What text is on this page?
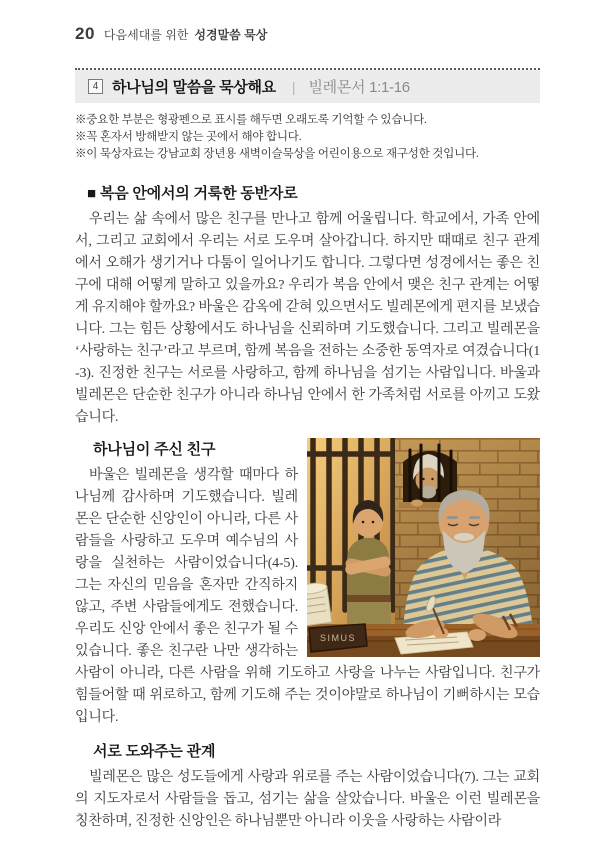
20 다음세대를 위한 성경말씀 묵상
4 하나님의 말씀을 묵상해요 | 빌레몬서 1:1-16
※중요한 부분은 형광펜으로 표시를 해두면 오래도록 기억할 수 있습니다.
※꼭 혼자서 방해받지 않는 곳에서 해야 합니다.
※이 묵상자료는 강남교회 장년용 새벽이슬묵상을 어린이용으로 재구성한 것입니다.
■ 복음 안에서의 거룩한 동반자로

우리는 삶 속에서 많은 친구를 만나고 함께 어울립니다. 학교에서, 가족 안에서, 그리고 교회에서 우리는 서로 도우며 살아갑니다. 하지만 때때로 친구 관계에서 오해가 생기거나 다툼이 일어나기도 합니다. 그렇다면 성경에서는 좋은 친구에 대해 어떻게 말하고 있을까요? 우리가 복음 안에서 맺은 친구 관계는 어떻게 유지해야 할까요? 바울은 감옥에 갇혀 있으면서도 빌레몬에게 편지를 보냈습니다. 그는 힘든 상황에서도 하나님을 신뢰하며 기도했습니다. 그리고 빌레몬을 ‘사랑하는 친구’라고 부르며, 함께 복음을 전하는 소중한 동역자로 여겼습니다(1-3). 진정한 친구는 서로를 사랑하고, 함께 하나님을 섬기는 사람입니다. 바울과 빌레몬은 단순한 친구가 아니라 하나님 안에서 한 가족처럼 서로를 아끼고 도왔습니다.

SIMUS
하나님이 주신 친구

바울은 빌레몬을 생각할 때마다 하나님께 감사하며 기도했습니다. 빌레몬은 단순한 신앙인이 아니라, 다른 사람들을 사랑하고 도우며 예수님의 사랑을 실천하는 사람이었습니다(4-5). 그는 자신의 믿음을 혼자만 간직하지 않고, 주변 사람들에게도 전했습니다. 우리도 신앙 안에서 좋은 친구가 될 수 있습니다. 좋은 친구란 나만 생각하는 사람이 아니라, 다른 사람을 위해 기도하고 사랑을 나누는 사람입니다. 친구가 힘들어할 때 위로하고, 함께 기도해 주는 것이야말로 하나님이 기뻐하시는 모습입니다.

서로 도와주는 관계

빌레몬은 많은 성도들에게 사랑과 위로를 주는 사람이었습니다(7). 그는 교회의 지도자로서 사람들을 돕고, 섬기는 삶을 살았습니다. 바울은 이런 빌레몬을 칭찬하며, 진정한 신앙인은 하나님뿐만 아니라 이웃을 사랑하는 사람이라
